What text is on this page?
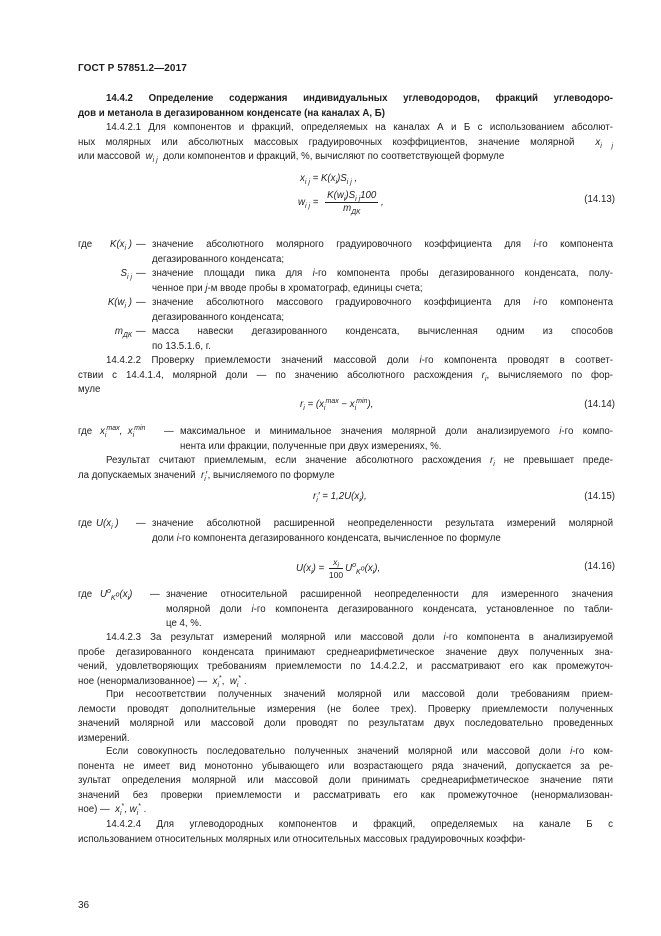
ГОСТ Р 57851.2—2017
14.4.2 Определение содержания индивидуальных углеводородов, фракций углеводоро-
дов и метанола в дегазированном конденсате (на каналах А, Б)
14.4.2.1 Для компонентов и фракций, определяемых на каналах А и Б с использованием абсолют-
ных молярных или абсолютных массовых градуировочных коэффициентов, значение молярной  $x_{i j}$
или массовой  $w_{i j}$  доли компонентов и фракций, %, вычисляют по соответствующей формуле
$x_{i j} = K(x_i)S_{i j}$ ,
$w_{i j} = \frac{K(w_i)S_{i j}100}{m_{ДК}}$ ,	(14.13)
где	$K(x_i$ ) — значение абсолютного молярного градуировочного коэффициента для i-го компонента
дегазированного конденсата;
$S_{i j}$ — значение площади пика для i-го компонента пробы дегазированного конденсата, полу-
ченное при j-м вводе пробы в хроматограф, единицы счета;
$K(w_i$ ) — значение абсолютного массового градуировочного коэффициента для i-го компонента
дегазированного конденсата;
$m_{ДК}$ — масса  навески  дегазированного  конденсата,  вычисленная  одним  из  способов
по 13.5.1.6, г.
14.4.2.2 Проверку приемлемости значений массовой доли i-го компонента проводят в соответ-
ствии с 14.4.1.4, молярной доли — по значению абсолютного расхождения $r_i$, вычисляемого по фор-
муле
$r_i = (x_i^{max} - x_i^{min})$,	(14.14)
где $x_i^{max}$,  $x_i^{min}$	— максимальное и минимальное значения молярной доли анализируемого i-го компо-
нента или фракции, полученные при двух измерениях, %.
Результат считают приемлемым, если значение абсолютного расхождения $r_i$ не превышает преде-
ла допускаемых значений  $r_i'$, вычисляемого по формуле
$r_i' = 1,2U(x_i)$,	(14.15)
где $U(x_i$ )	— значение абсолютной расширенной неопределенности результата измерений молярной
доли i-го компонента дегазированного конденсата, вычисленное по формуле
$U(x_i) = \frac{x_i}{100} U^o_{K^o}(x_i)$,	(14.16)
где $U^o_{K^o}(x_i)$	— значение относительной расширенной неопределенности для измеренного значения
молярной доли i-го компонента дегазированного конденсата, установленное по табли-
це 4, %.
14.4.2.3 За результат измерений молярной или массовой доли i-го компонента в анализируемой
пробе дегазированного конденсата принимают среднеарифметическое значение двух полученных зна-
чений, удовлетворяющих требованиям приемлемости по 14.4.2.2, и рассматривают его как промежуточ-
ное (ненормализованное) —  $x_i^*$,  $w_i^*$ .
При несоответствии полученных значений молярной или массовой доли требованиям прием-
лемости проводят дополнительные измерения (не более трех). Проверку приемлемости полученных
значений молярной или массовой доли проводят по результатам двух последовательно проведенных
измерений.
Если совокупность последовательно полученных значений молярной или массовой доли i-го ком-
понента не имеет вид монотонно убывающего или возрастающего ряда значений, допускается за ре-
зультат определения молярной или массовой доли принимать среднеарифметическое значение пяти
значений без проверки приемлемости и рассматривать его как промежуточное (ненормализован-
ное) —  $x_i^*$, $w_i^*$ .
14.4.2.4  Для  углеводородных  компонентов  и  фракций,  определяемых  на  канале  Б  с
использованием относительных молярных или относительных массовых градуировочных коэффи-
36
